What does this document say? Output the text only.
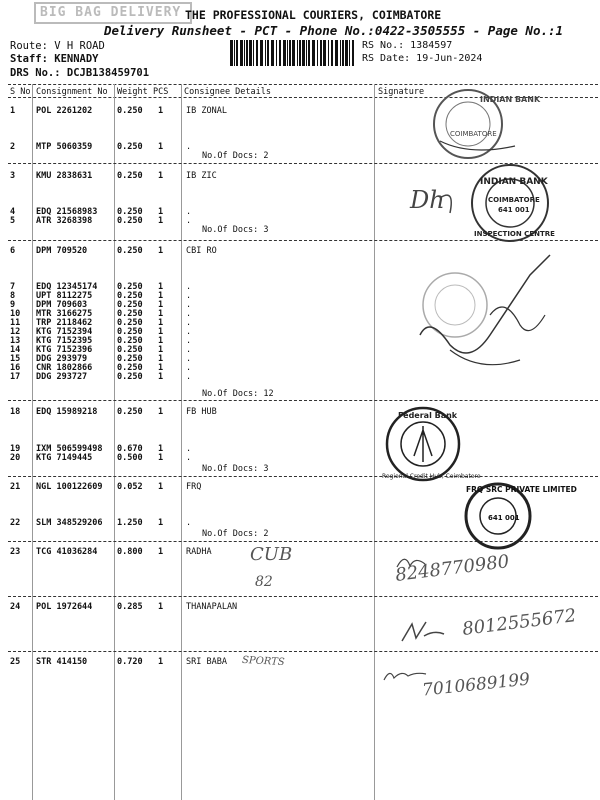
BIG BAG DELIVERY THE PROFESSIONAL COURIERS, COIMBATORE
Delivery Runsheet - PCT - Phone No.:0422-3505555 - Page No.:1
Route: V H ROAD
Staff: KENNADY
DRS No.: DCJB138459701
RS No.: 1384597
RS Date: 19-Jun-2024
S No Consignment No Weight PCS Consignee Details	Signature
No.Of Docs: 2
No.Of Docs: 3
No.Of Docs: 12
No.Of Docs: 3
No.Of Docs: 2
INDIAN BANK
COIMBATORE
Dh
INDIAN BANK
COIMBATORE
641 001
INSPECTION CENTRE
Federal Bank
Regional Credit Hub, Coimbatore
FRQ SRC PRIVATE LIMITED
641 001
CUB
82	8248770980
8012555672
SPORTS
7010689199
1 POL 2261202	0.250 1	IB ZONAL
2 MTP 5060359	0.250 1	.
3 KMU 2838631	0.250 1	IB ZIC
4 EDQ 21568983 0.250 1	.
5 ATR 3268398	0.250 1	.
6 DPM 709520	0.250 1	CBI RO
7 EDQ 12345174 0.250 1	.
8 UPT 8112275	0.250 1	.
9 DPM 709603	0.250 1	.
10 MTR 3166275	0.250 1	.
11 TRP 2118462	0.250 1	.
12 KTG 7152394	0.250 1	.
13 KTG 7152395	0.250 1	.
14 KTG 7152396	0.250 1	.
15 DDG 293979	0.250 1	.
16 CNR 1802866	0.250 1	.
17 DDG 293727	0.250 1	.
18 EDQ 15989218 0.250 1	FB HUB
19 IXM 506599498 0.670 1	.
20 KTG 7149445	0.500 1	.
21 NGL 100122609 0.052 1	FRQ
22 SLM 348529206 1.250 1	.
23 TCG 41036284 0.800 1	RADHA
24 POL 1972644	0.285 1	THANAPALAN
25 STR 414150	0.720 1	SRI BABA
